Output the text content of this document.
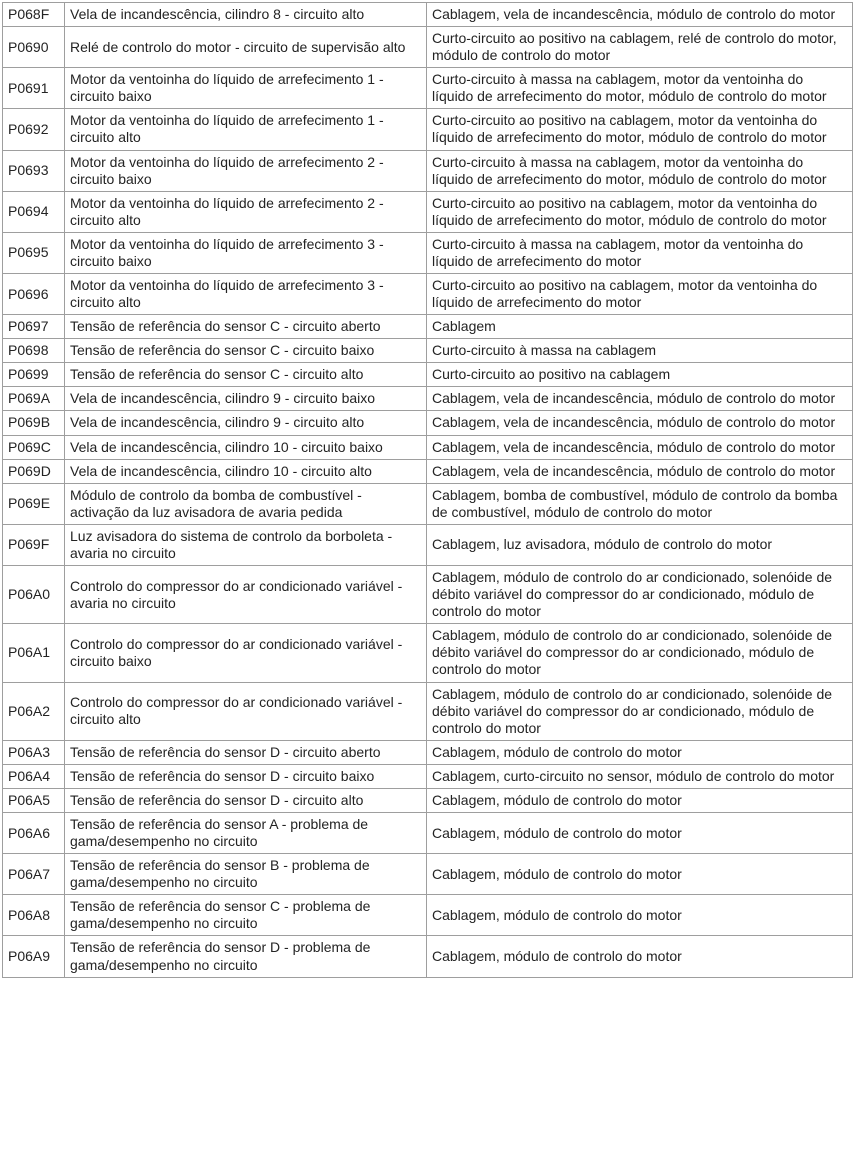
P068F	Vela de incandescência, cilindro 8 - circuito alto	Cablagem, vela de incandescência, módulo de controlo do motor
P0690	Relé de controlo do motor - circuito de supervisão alto	Curto-circuito ao positivo na cablagem, relé de controlo do motor, módulo de controlo do motor
P0691	Motor da ventoinha do líquido de arrefecimento 1 - circuito baixo	Curto-circuito à massa na cablagem, motor da ventoinha do líquido de arrefecimento do motor, módulo de controlo do motor
P0692	Motor da ventoinha do líquido de arrefecimento 1 - circuito alto	Curto-circuito ao positivo na cablagem, motor da ventoinha do líquido de arrefecimento do motor, módulo de controlo do motor
P0693	Motor da ventoinha do líquido de arrefecimento 2 - circuito baixo	Curto-circuito à massa na cablagem, motor da ventoinha do líquido de arrefecimento do motor, módulo de controlo do motor
P0694	Motor da ventoinha do líquido de arrefecimento 2 - circuito alto	Curto-circuito ao positivo na cablagem, motor da ventoinha do líquido de arrefecimento do motor, módulo de controlo do motor
P0695	Motor da ventoinha do líquido de arrefecimento 3 - circuito baixo	Curto-circuito à massa na cablagem, motor da ventoinha do líquido de arrefecimento do motor
P0696	Motor da ventoinha do líquido de arrefecimento 3 - circuito alto	Curto-circuito ao positivo na cablagem, motor da ventoinha do líquido de arrefecimento do motor
P0697	Tensão de referência do sensor C - circuito aberto	Cablagem
P0698	Tensão de referência do sensor C - circuito baixo	Curto-circuito à massa na cablagem
P0699	Tensão de referência do sensor C - circuito alto	Curto-circuito ao positivo na cablagem
P069A	Vela de incandescência, cilindro 9 - circuito baixo	Cablagem, vela de incandescência, módulo de controlo do motor
P069B	Vela de incandescência, cilindro 9 - circuito alto	Cablagem, vela de incandescência, módulo de controlo do motor
P069C	Vela de incandescência, cilindro 10 - circuito baixo	Cablagem, vela de incandescência, módulo de controlo do motor
P069D	Vela de incandescência, cilindro 10 - circuito alto	Cablagem, vela de incandescência, módulo de controlo do motor
P069E	Módulo de controlo da bomba de combustível - activação da luz avisadora de avaria pedida	Cablagem, bomba de combustível, módulo de controlo da bomba de combustível, módulo de controlo do motor
P069F	Luz avisadora do sistema de controlo da borboleta - avaria no circuito	Cablagem, luz avisadora, módulo de controlo do motor
P06A0	Controlo do compressor do ar condicionado variável - avaria no circuito	Cablagem, módulo de controlo do ar condicionado, solenóide de débito variável do compressor do ar condicionado, módulo de controlo do motor
P06A1	Controlo do compressor do ar condicionado variável - circuito baixo	Cablagem, módulo de controlo do ar condicionado, solenóide de débito variável do compressor do ar condicionado, módulo de controlo do motor
P06A2	Controlo do compressor do ar condicionado variável - circuito alto	Cablagem, módulo de controlo do ar condicionado, solenóide de débito variável do compressor do ar condicionado, módulo de controlo do motor
P06A3	Tensão de referência do sensor D - circuito aberto	Cablagem, módulo de controlo do motor
P06A4	Tensão de referência do sensor D - circuito baixo	Cablagem, curto-circuito no sensor, módulo de controlo do motor
P06A5	Tensão de referência do sensor D - circuito alto	Cablagem, módulo de controlo do motor
P06A6	Tensão de referência do sensor A - problema de gama/desempenho no circuito	Cablagem, módulo de controlo do motor
P06A7	Tensão de referência do sensor B - problema de gama/desempenho no circuito	Cablagem, módulo de controlo do motor
P06A8	Tensão de referência do sensor C - problema de gama/desempenho no circuito	Cablagem, módulo de controlo do motor
P06A9	Tensão de referência do sensor D - problema de gama/desempenho no circuito	Cablagem, módulo de controlo do motor
